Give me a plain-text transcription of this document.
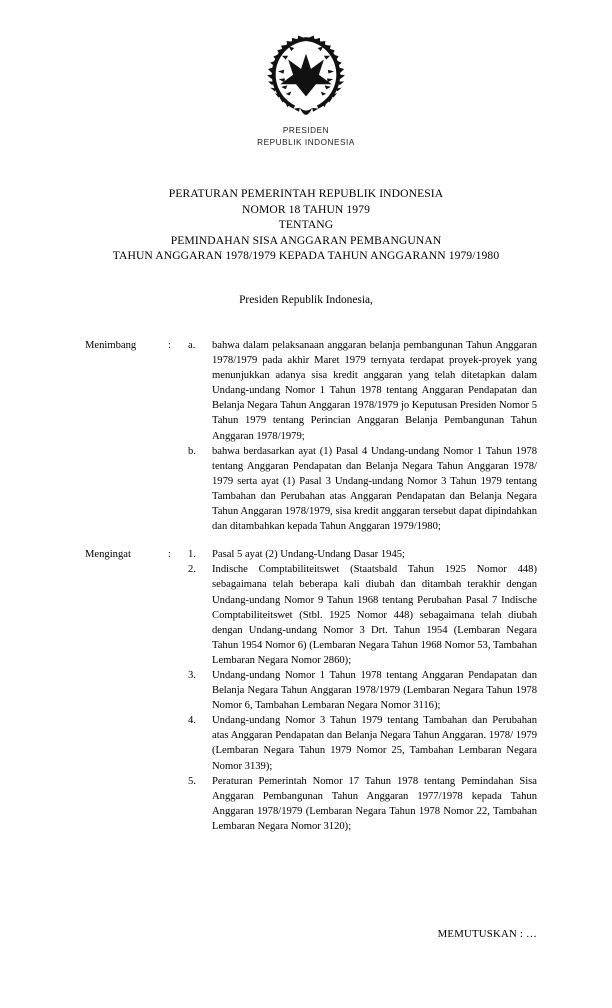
PRESIDEN
REPUBLIK INDONESIA
PERATURAN PEMERINTAH REPUBLIK INDONESIA
NOMOR 18 TAHUN 1979
TENTANG
PEMINDAHAN SISA ANGGARAN PEMBANGUNAN
TAHUN ANGGARAN 1978/1979 KEPADA TAHUN ANGGARANN 1979/1980
Presiden Republik Indonesia,
Menimbang	:	a.	bahwa dalam pelaksanaan anggaran belanja pembangunan Tahun Anggaran 1978/1979 pada akhir Maret 1979 ternyata terdapat proyek-proyek yang menunjukkan adanya sisa kredit anggaran yang telah ditetapkan dalam Undang-undang Nomor 1 Tahun 1978 tentang Anggaran Pendapatan dan Belanja Negara Tahun Anggaran 1978/1979 jo Keputusan Presiden Nomor 5 Tahun 1979 tentang Perincian Anggaran Belanja Pembangunan Tahun Anggaran 1978/1979;
b.	bahwa berdasarkan ayat (1) Pasal 4 Undang-undang Nomor 1 Tahun 1978 tentang Anggaran Pendapatan dan Belanja Negara Tahun Anggaran 1978/ 1979 serta ayat (1) Pasal 3 Undang-undang Nomor 3 Tahun 1979 tentang Tambahan dan Perubahan atas Anggaran Pendapatan dan Belanja Negara Tahun Anggaran 1978/1979, sisa kredit anggaran tersebut dapat dipindahkan dan ditambahkan kepada Tahun Anggaran 1979/1980;
Mengingat	:	1.	Pasal 5 ayat (2) Undang-Undang Dasar 1945;
2.	Indische Comptabiliteitswet (Staatsbald Tahun 1925 Nomor 448) sebagaimana telah beberapa kali diubah dan ditambah terakhir dengan Undang-undang Nomor 9 Tahun 1968 tentang Perubahan Pasal 7 Indische Comptabiliteitswet (Stbl. 1925 Nomor 448) sebagaimana telah diubah dengan Undang-undang Nomor 3 Drt. Tahun 1954 (Lembaran Negara Tahun 1954 Nomor 6) (Lembaran Negara Tahun 1968 Nomor 53, Tambahan Lembaran Negara Nomor 2860);
3.	Undang-undang Nomor 1 Tahun 1978 tentang Anggaran Pendapatan dan Belanja Negara Tahun Anggaran 1978/1979 (Lembaran Negara Tahun 1978 Nomor 6, Tambahan Lembaran Negara Nomor 3116);
4.	Undang-undang Nomor 3 Tahun 1979 tentang Tambahan dan Perubahan atas Anggaran Pendapatan dan Belanja Negara Tahun Anggaran. 1978/ 1979 (Lembaran Negara Tahun 1979 Nomor 25, Tambahan Lembaran Negara Nomor 3139);
5.	Peraturan Pemerintah Nomor 17 Tahun 1978 tentang Pemindahan Sisa Anggaran Pembangunan Tahun Anggaran 1977/1978 kepada Tahun Anggaran 1978/1979 (Lembaran Negara Tahun 1978 Nomor 22, Tambahan Lembaran Negara Nomor 3120);
MEMUTUSKAN : …
